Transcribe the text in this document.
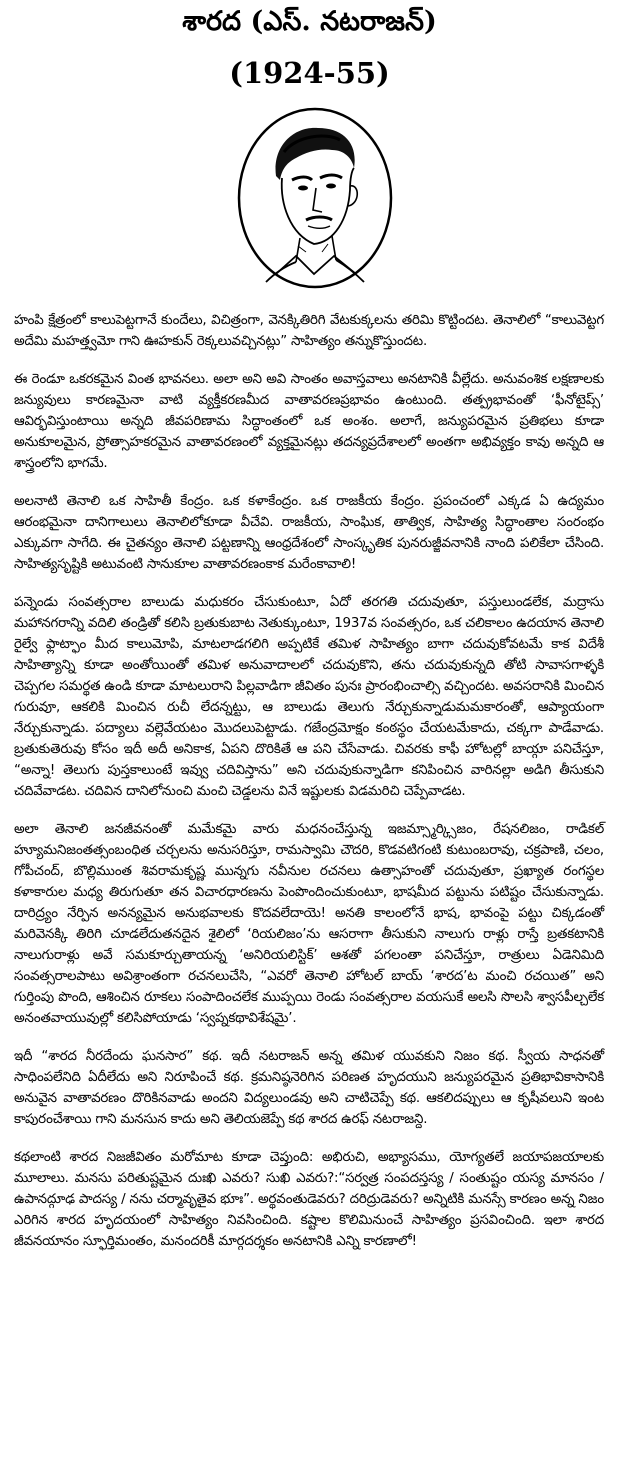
శారద (ఎస్. నటరాజన్)
(1924-55)

హంపి క్షేత్రంలో కాలుపెట్టగానే కుందేలు, విచిత్రంగా, వెనక్కితిరిగి వేటకుక్కలను తరిమి కొట్టిందట. తెనాలిలో “కాలువెట్టగ అదేమి మహత్త్వమో గాని ఊహకున్ రెక్కలువచ్చినట్లు” సాహిత్యం తన్నుకొస్తుందట.

ఈ రెండూ ఒకరకమైన వింత భావనలు. అలా అని అవి సాంతం అవాస్తవాలు అనటానికి వీల్లేదు. అనువంశిక లక్షణాలకు జన్యువులు కారణమైనా వాటి వ్యక్తీకరణమీద వాతావరణప్రభావం ఉంటుంది. తత్ప్రభావంతో ‘ఫీనోటైప్స్’ ఆవిర్భవిస్తుంటాయి అన్నది జీవపరిణామ సిద్ధాంతంలో ఒక అంశం. అలాగే, జన్యుపరమైన ప్రతిభలు కూడా అనుకూలమైన, ప్రోత్సాహకరమైన వాతావరణంలో వ్యక్తమైనట్లు తదన్యప్రదేశాలలో అంతగా అభివ్యక్తం కావు అన్నది ఆ శాస్త్రంలోని భాగమే.

అలనాటి తెనాలి ఒక సాహితీ కేంద్రం. ఒక కళాకేంద్రం. ఒక రాజకీయ కేంద్రం. ప్రపంచంలో ఎక్కడ ఏ ఉద్యమం ఆరంభమైనా దానిగాలులు తెనాలిలోకూడా వీచేవి. రాజకీయ, సాంఘిక, తాత్విక, సాహిత్య సిద్ధాంతాల సంరంభం ఎక్కువగా సాగేది. ఈ చైతన్యం తెనాలి పట్టణాన్ని ఆంధ్రదేశంలో సాంస్కృతిక పునరుజ్జీవనానికి నాంది పలికేలా చేసింది. సాహిత్యసృష్టికి అటువంటి సానుకూల వాతావరణంకాక మరేంకావాలి!

పన్నెండు సంవత్సరాల బాలుడు మధుకరం చేసుకుంటూ, ఏదో తరగతి చదువుతూ, పస్తులుండలేక, మద్రాసు మహానగరాన్ని వదిలి తండ్రితో కలిసి బ్రతుకుబాట నెతుక్కుంటూ, 1937వ సంవత్సరం, ఒక చలికాలం ఉదయాన తెనాలి రైల్వే ఫ్లాట్ఫాం మీద కాలుమోపి, మాటలాడగలిగి అప్పటికే తమిళ సాహిత్యం బాగా చదువుకోవటమే కాక విదేశీ సాహిత్యాన్ని కూడా అంతోయింతో తమిళ అనువాదాలలో చదువుకొని, తను చదువుకున్నది తోటి సావాసగాళ్ళకి చెప్పగల సమర్థత ఉండి కూడా మాటలురాని పిల్లవాడిగా జీవితం పునః ప్రారంభించాల్సి వచ్చిందట. అవసరానికి మించిన గురువూ, ఆకలికి మించిన రుచీ లేదన్నట్టు, ఆ బాలుడు తెలుగు నేర్చుకున్నాడుమమకారంతో, ఆప్యాయంగా నేర్చుకున్నాడు. పద్యాలు వల్లెవేయటం మొదలుపెట్టాడు. గజేంద్రమోక్షం కంఠస్థం చేయటమేకాదు, చక్కగా పాడేవాడు. బ్రతుకుతెరువు కోసం ఇదీ అదీ అనికాక, ఏపని దొరికితే ఆ పని చేసేవాడు. చివరకు కాఫీ హోటల్లో బాయ్గా పనిచేస్తూ, “అన్నా! తెలుగు పుస్తకాలుంటే ఇవ్వు చదివిస్తాను” అని చదువుకున్నాడిగా కనిపించిన వారినల్లా అడిగి తీసుకుని చదివేవాడట. చదివిన దానిలోనుంచి మంచి చెడ్డలను వినే ఇష్టులకు విడమరిచి చెప్పేవాడట.

అలా తెనాలి జనజీవనంతో మమేకమై వారు మధనంచేస్తున్న ఇజమ్స్మార్క్సిజం, రేషనలిజం, రాడికల్ హ్యూమనిజంతత్సంబంధిత చర్చలను అనుసరిస్తూ, రామస్వామి చౌదరి, కొడవటిగంటి కుటుంబరావు, చక్రపాణి, చలం, గోపీచంద్, బొల్లిముంత శివరామకృష్ణ మున్నగు నవీనుల రచనలు ఉత్సాహంతో చదువుతూ, ప్రఖ్యాత రంగస్థల కళాకారుల మధ్య తిరుగుతూ తన విచారధారణను పెంపొందించుకుంటూ, భాషమీద పట్టును పటిష్టం చేసుకున్నాడు. దారిద్ర్యం నేర్పిన అనన్యమైన అనుభవాలకు కొదవలేదాయె! అనతి కాలంలోనే భాష, భావంపై పట్టు చిక్కడంతో మరివెనక్కి తిరిగి చూడలేదుతనదైన శైలిలో ‘రియలిజం’ను ఆసరాగా తీసుకుని నాలుగు రాళ్లు రాస్తే బ్రతకటానికి నాలుగురాళ్లు అవే సమకూర్చుతాయన్న ‘అనిరియలిస్టిక్’ ఆశతో పగలంతా పనిచేస్తూ, రాత్రులు ఏడెనిమిది సంవత్సరాలపాటు అవిశ్రాంతంగా రచనలుచేసి, “ఎవరో తెనాలి హోటల్ బాయ్ ‘శారద’ట మంచి రచయిత” అని గుర్తింపు పొంది, ఆశించిన రూకలు సంపాదించలేక ముప్పయి రెండు సంవత్సరాల వయసుకే అలసి సొలసి శ్వాసపీల్చలేక అనంతవాయువుల్లో కలిసిపోయాడు ‘స్వప్నకథావిశేషమై’.

ఇదీ “శారద నీరదేందు ఘనసార” కథ. ఇదీ నటరాజన్ అన్న తమిళ యువకుని నిజం కథ. స్వీయ సాధనతో సాధింపలేనిది ఏదీలేదు అని నిరూపించే కథ. క్రమనిష్ఠనెరిగిన పరిణత హృదయుని జన్యుపరమైన ప్రతిభావికాసానికి అనువైన వాతావరణం దొరికినవాడు అందని విద్యలుండవు అని చాటిచెప్పే కథ. ఆకలిదప్పులు ఆ కృషీవలుని ఇంట కాపురంచేశాయి గాని మనసున కాదు అని తెలియజెప్పే కథ శారద ఉరఫ్ నటరాజన్ది.

కథలాంటి శారద నిజజీవితం మరోమాట కూడా చెప్తుంది: అభిరుచి, అభ్యాసము, యోగ్యతలే జయాపజయాలకు మూలాలు. మనసు పరితుష్టమైన దుఃఖి ఎవరు? సుఖి ఎవరు?:“సర్వత్ర సంపదస్తస్య / సంతుష్టం యస్య మానసం / ఉపానద్గూఢ పాదస్య / నను చర్మావృతైవ భూః”. అర్థవంతుడెవరు? దరిద్రుడెవరు? అన్నిటికి మనస్సే కారణం అన్న నిజం ఎరిగిన శారద హృదయంలో సాహిత్యం నివసించింది. కష్టాల కొలిమినుంచే సాహిత్యం ప్రసవించింది. ఇలా శారద జీవనయానం స్ఫూర్తిమంతం, మనందరికీ మార్గదర్శకం అనటానికి ఎన్ని కారణాలో!
